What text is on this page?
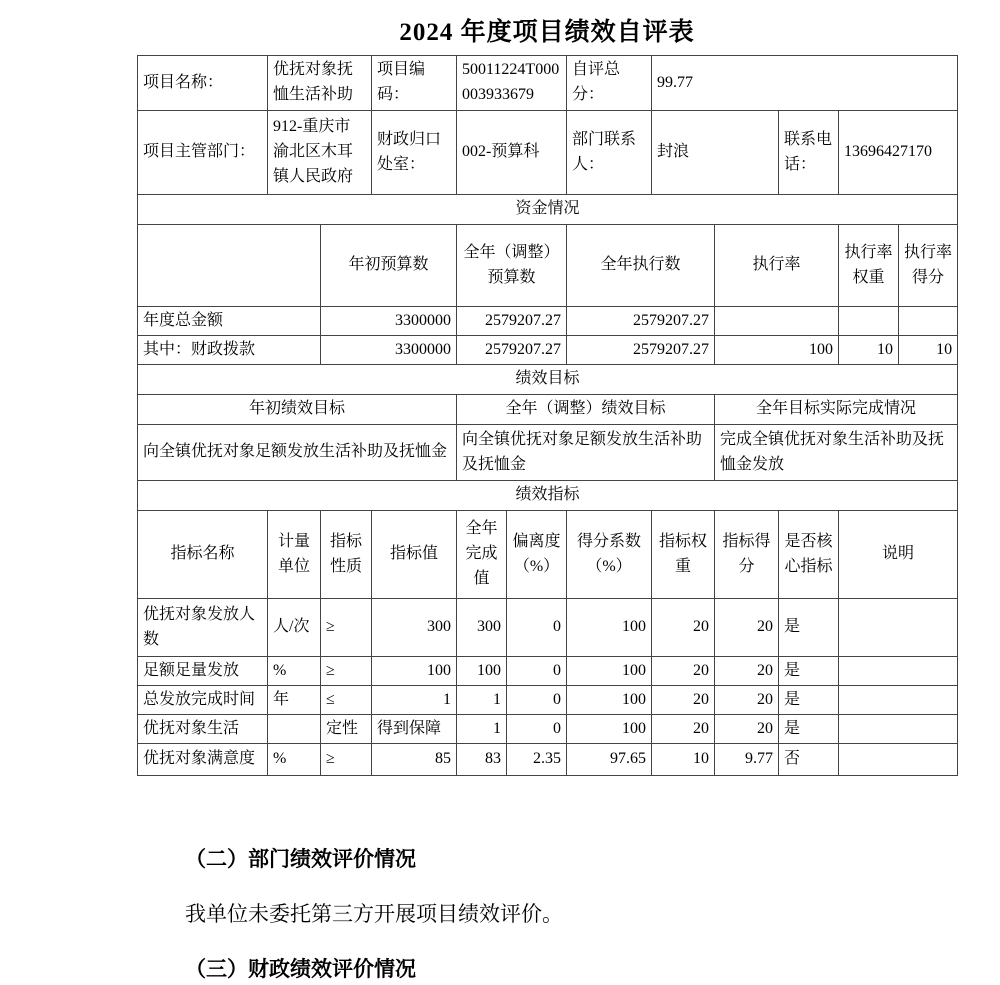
2024 年度项目绩效自评表
项目名称：	优抚对象抚恤生活补助		项目编码：	50011224T000003933679		自评总分：	99.77				
项目主管部门：	912-重庆市渝北区木耳镇人民政府		财政归口处室：	002-预算科		部门联系人：	封浪		联系电话：	13696427170	
资金情况											
		年初预算数		全年（调整）预算数		全年执行数		执行率		执行率权重	执行率得分
年度总金额		3300000		2579207.27		2579207.27					
其中：财政拨款		3300000		2579207.27		2579207.27		100		10	10
绩效目标											
年初绩效目标				全年（调整）绩效目标				全年目标实际完成情况			
向全镇优抚对象足额发放生活补助及抚恤金				向全镇优抚对象足额发放生活补助及抚恤金				完成全镇优抚对象生活补助及抚恤金发放			
绩效指标											
指标名称	计量单位	指标性质	指标值	全年完成值	偏离度（%）	得分系数（%）	指标权重	指标得分	是否核心指标	说明	
优抚对象发放人数	人/次	≥	300	300	0	100	20	20	是		
足额足量发放	%	≥	100	100	0	100	20	20	是		
总发放完成时间	年	≤	1	1	0	100	20	20	是		
优抚对象生活		定性	得到保障	1	0	100	20	20	是		
优抚对象满意度	%	≥	85	83	2.35	97.65	10	9.77	否		
（二）部门绩效评价情况
我单位未委托第三方开展项目绩效评价。
（三）财政绩效评价情况
